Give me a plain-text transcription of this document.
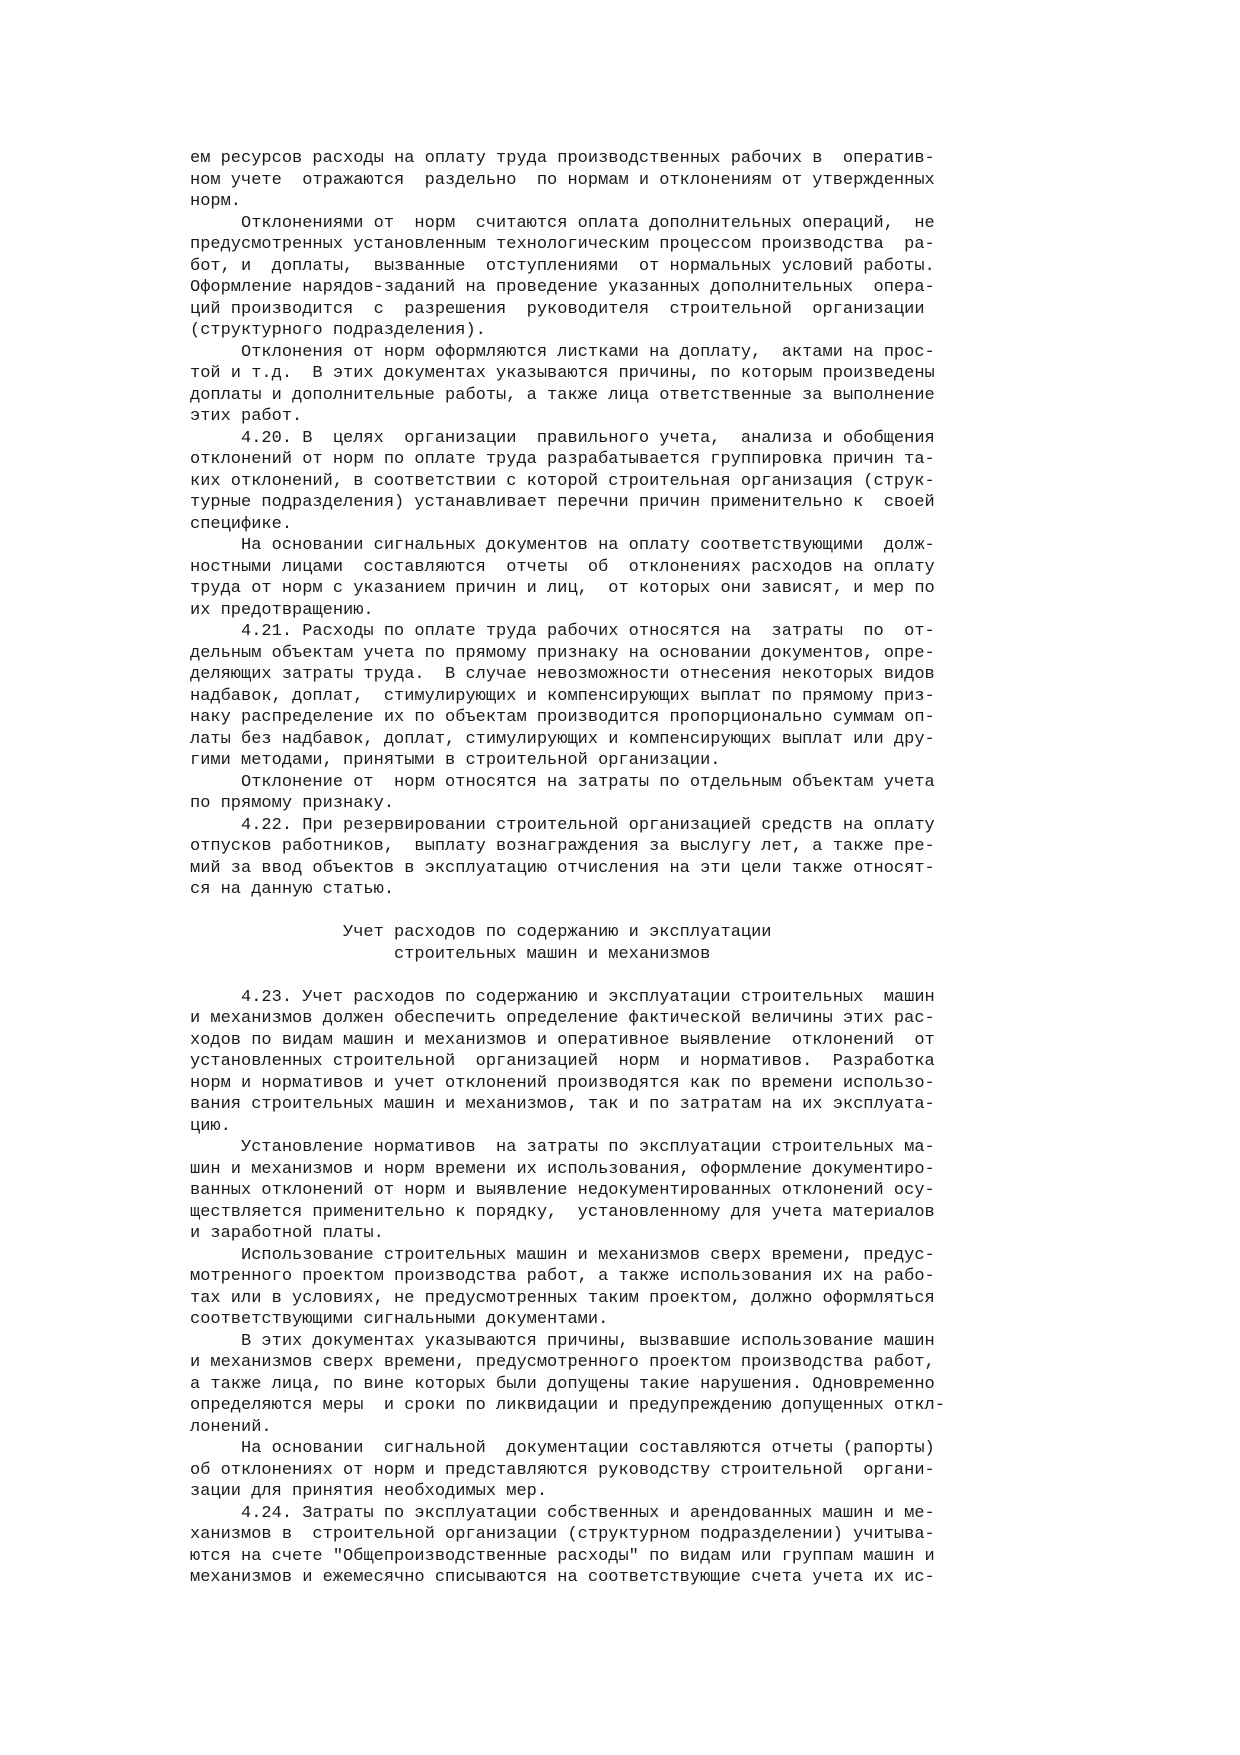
ем ресурсов расходы на оплату труда производственных рабочих в  оператив-
ном учете  отражаются  раздельно  по нормам и отклонениям от утвержденных
норм.
Отклонениями от  норм  считаются оплата дополнительных операций,  не
предусмотренных установленным технологическим процессом производства  ра-
бот, и  доплаты,  вызванные  отступлениями  от нормальных условий работы.
Оформление нарядов-заданий на проведение указанных дополнительных  опера-
ций производится  с  разрешения  руководителя  строительной  организации
(структурного подразделения).
Отклонения от норм оформляются листками на доплату,  актами на прос-
той и т.д.  В этих документах указываются причины, по которым произведены
доплаты и дополнительные работы, а также лица ответственные за выполнение
этих работ.
4.20. В  целях  организации  правильного учета,  анализа и обобщения
отклонений от норм по оплате труда разрабатывается группировка причин та-
ких отклонений, в соответствии с которой строительная организация (струк-
турные подразделения) устанавливает перечни причин применительно к  своей
специфике.
На основании сигнальных документов на оплату соответствующими  долж-
ностными лицами  составляются  отчеты  об  отклонениях расходов на оплату
труда от норм с указанием причин и лиц,  от которых они зависят, и мер по
их предотвращению.
4.21. Расходы по оплате труда рабочих относятся на  затраты  по  от-
дельным объектам учета по прямому признаку на основании документов, опре-
деляющих затраты труда.  В случае невозможности отнесения некоторых видов
надбавок, доплат,  стимулирующих и компенсирующих выплат по прямому приз-
наку распределение их по объектам производится пропорционально суммам оп-
латы без надбавок, доплат, стимулирующих и компенсирующих выплат или дру-
гими методами, принятыми в строительной организации.
Отклонение от  норм относятся на затраты по отдельным объектам учета
по прямому признаку.
4.22. При резервировании строительной организацией средств на оплату
отпусков работников,  выплату вознаграждения за выслугу лет, а также пре-
мий за ввод объектов в эксплуатацию отчисления на эти цели также относят-
ся на данную статью.
Учет расходов по содержанию и эксплуатации
строительных машин и механизмов
4.23. Учет расходов по содержанию и эксплуатации строительных  машин
и механизмов должен обеспечить определение фактической величины этих рас-
ходов по видам машин и механизмов и оперативное выявление  отклонений  от
установленных строительной  организацией  норм  и нормативов.  Разработка
норм и нормативов и учет отклонений производятся как по времени использо-
вания строительных машин и механизмов, так и по затратам на их эксплуата-
цию.
Установление нормативов  на затраты по эксплуатации строительных ма-
шин и механизмов и норм времени их использования, оформление документиро-
ванных отклонений от норм и выявление недокументированных отклонений осу-
ществляется применительно к порядку,  установленному для учета материалов
и заработной платы.
Использование строительных машин и механизмов сверх времени, предус-
мотренного проектом производства работ, а также использования их на рабо-
тах или в условиях, не предусмотренных таким проектом, должно оформляться
соответствующими сигнальными документами.
В этих документах указываются причины, вызвавшие использование машин
и механизмов сверх времени, предусмотренного проектом производства работ,
а также лица, по вине которых были допущены такие нарушения. Одновременно
определяются меры  и сроки по ликвидации и предупреждению допущенных откл-
лонений.
На основании  сигнальной  документации составляются отчеты (рапорты)
об отклонениях от норм и представляются руководству строительной  органи-
зации для принятия необходимых мер.
4.24. Затраты по эксплуатации собственных и арендованных машин и ме-
ханизмов в  строительной организации (структурном подразделении) учитыва-
ются на счете "Общепроизводственные расходы" по видам или группам машин и
механизмов и ежемесячно списываются на соответствующие счета учета их ис-
